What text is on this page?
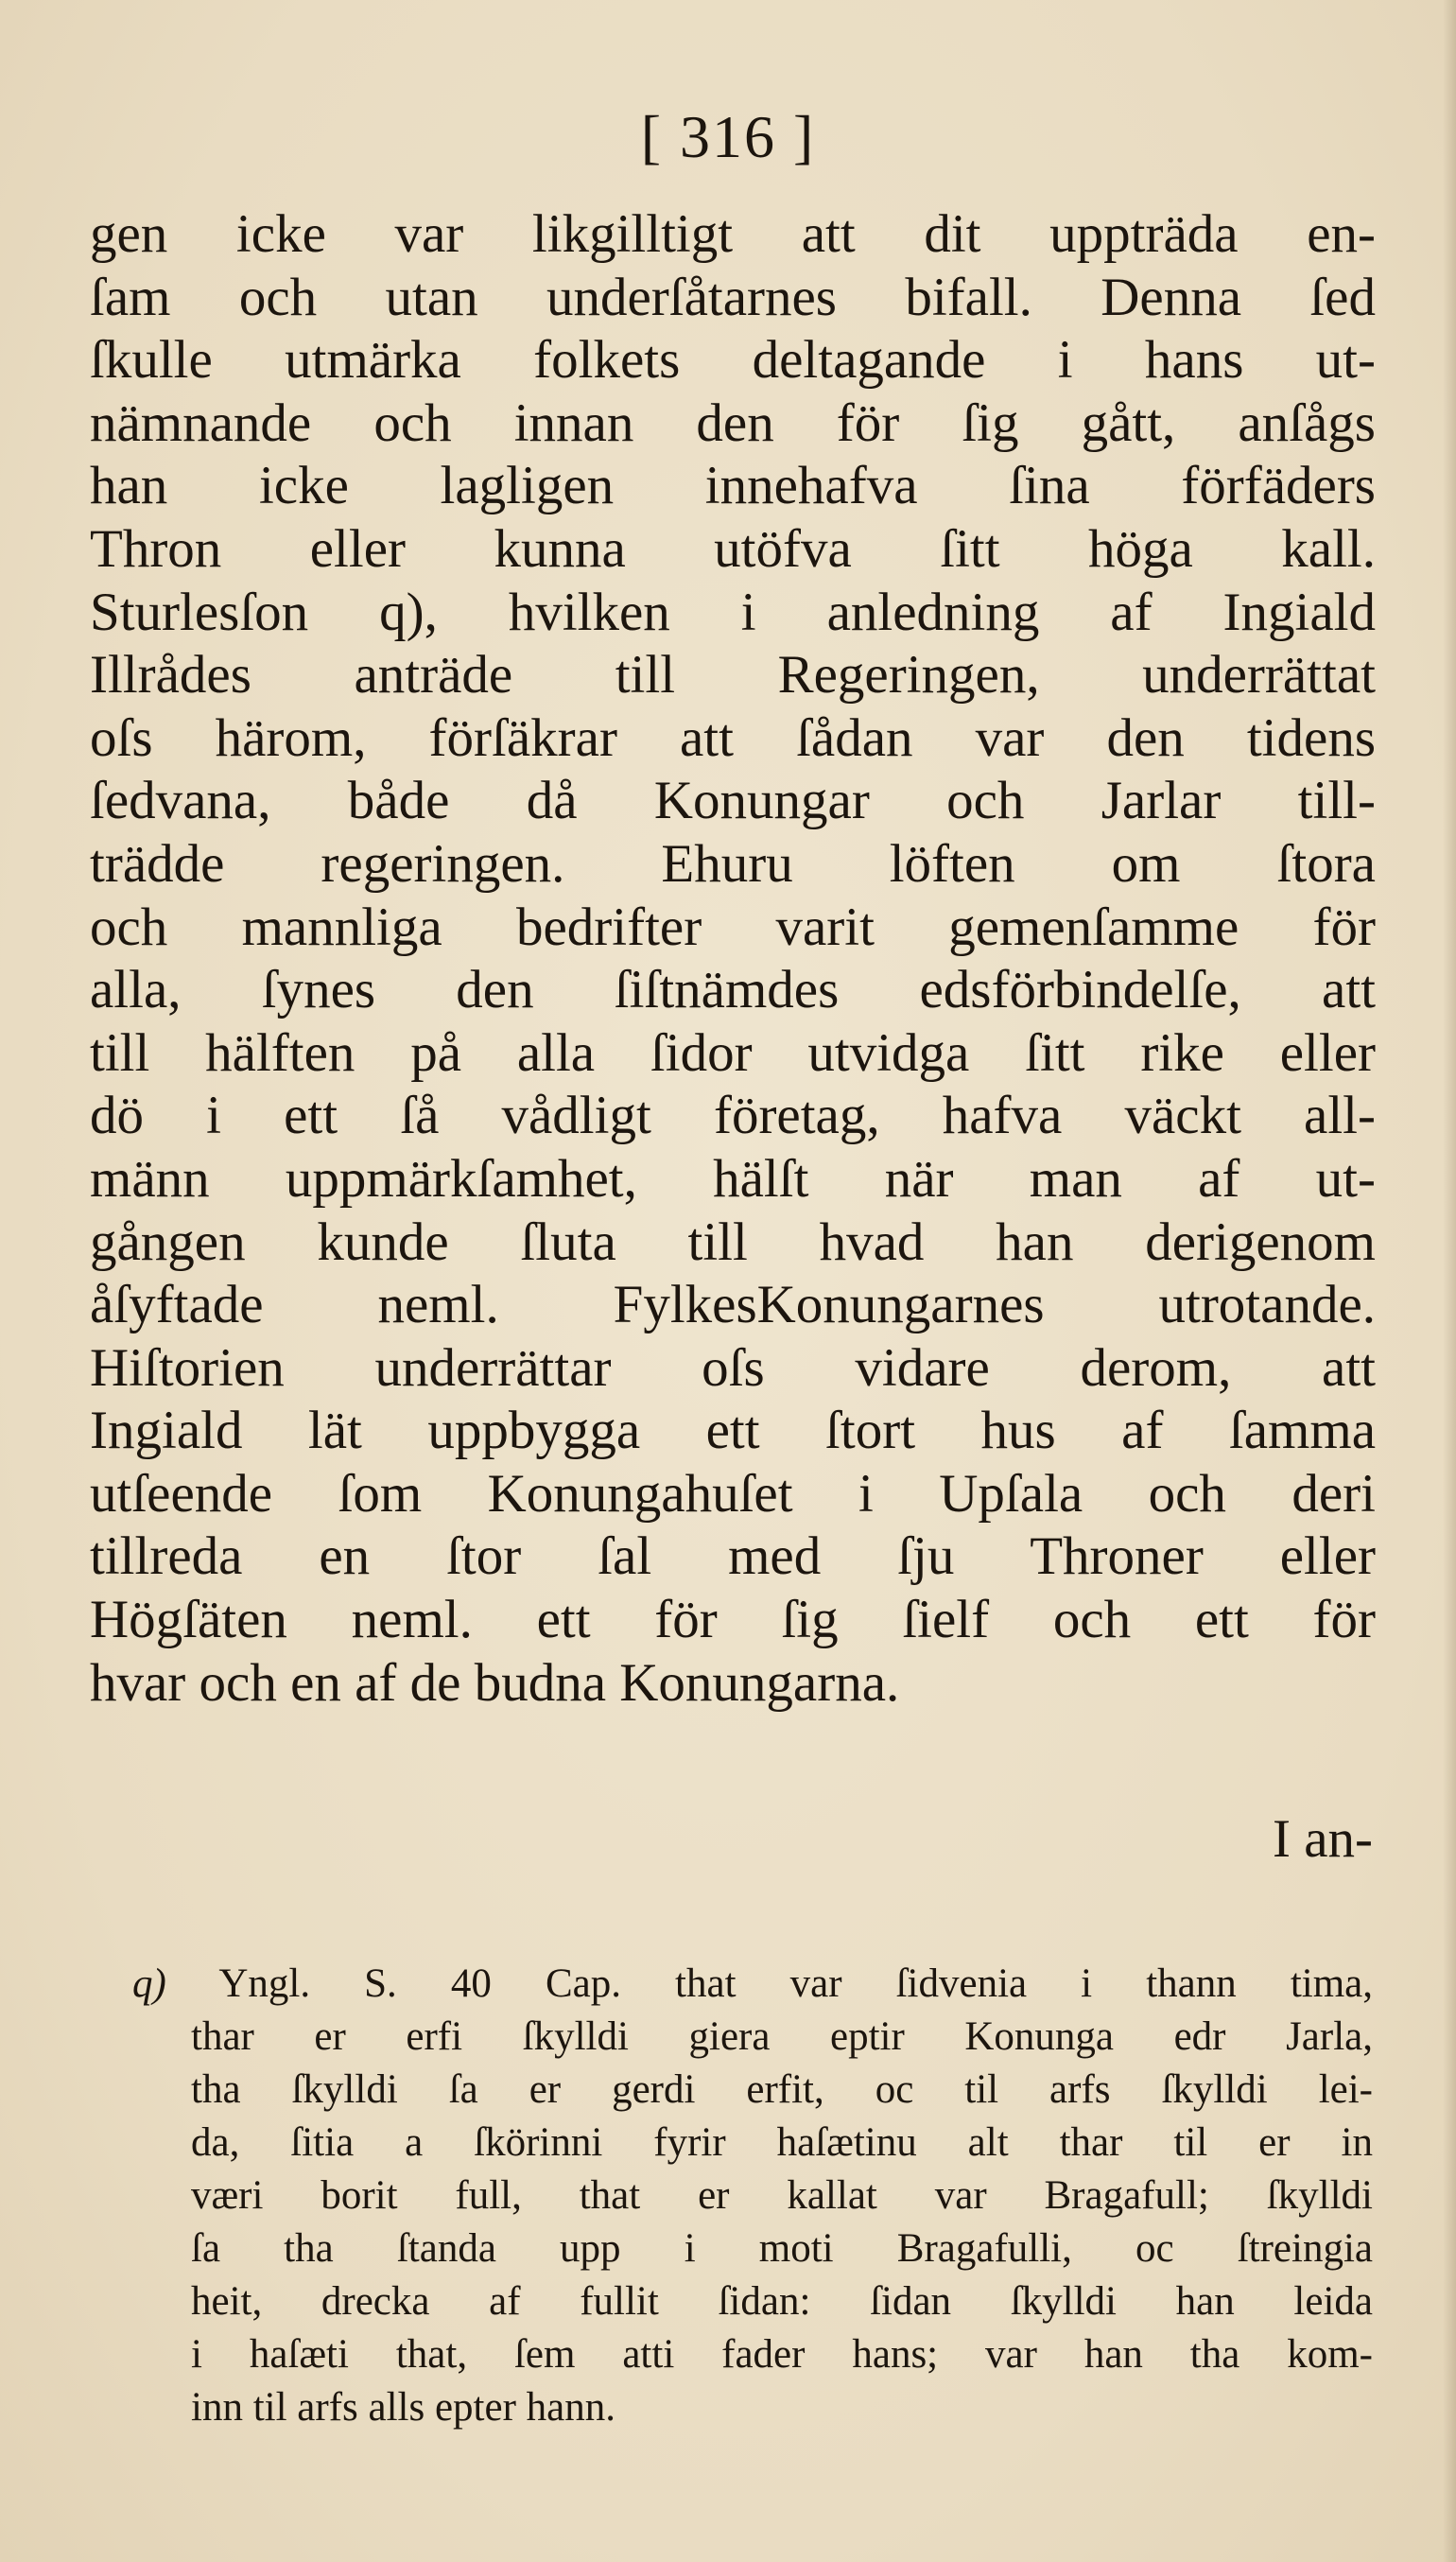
[ 316 ]
gen icke var likgilltigt att dit uppträda en-
ſam och utan underſåtarnes bifall. Denna ſed
ſkulle utmärka folkets deltagande i hans ut-
nämnande och innan den för ſig gått, anſågs
han icke lagligen innehafva ſina förfäders
Thron eller kunna utöfva ſitt höga kall.
Sturlesſon q), hvilken i anledning af Ingiald
Illrådes anträde till Regeringen, underrättat
oſs härom, förſäkrar att ſådan var den tidens
ſedvana, både då Konungar och Jarlar till-
trädde regeringen. Ehuru löften om ſtora
och mannliga bedrifter varit gemenſamme för
alla, ſynes den ſiſtnämdes edsförbindelſe, att
till hälften på alla ſidor utvidga ſitt rike eller
dö i ett ſå vådligt företag, hafva väckt all-
männ uppmärkſamhet, hälſt när man af ut-
gången kunde ſluta till hvad han derigenom
åſyftade neml. FylkesKonungarnes utrotande.
Hiſtorien underrättar oſs vidare derom, att
Ingiald lät uppbygga ett ſtort hus af ſamma
utſeende ſom Konungahuſet i Upſala och deri
tillreda en ſtor ſal med ſju Throner eller
Högſäten neml. ett för ſig ſielf och ett för
hvar och en af de budna Konungarna.
I an-
q) Yngl. S. 40 Cap. that var ſidvenia i thann tima,
thar er erfi ſkylldi giera eptir Konunga edr Jarla,
tha ſkylldi ſa er gerdi erfit, oc til arfs ſkylldi lei-
da, ſitia a ſkörinni fyrir haſætinu alt thar til er in
væri borit full, that er kallat var Bragafull; ſkylldi
ſa tha ſtanda upp i moti Bragafulli, oc ſtreingia
heit, drecka af fullit ſidan: ſidan ſkylldi han leida
i haſæti that, ſem atti fader hans; var han tha kom-
inn til arfs alls epter hann.
